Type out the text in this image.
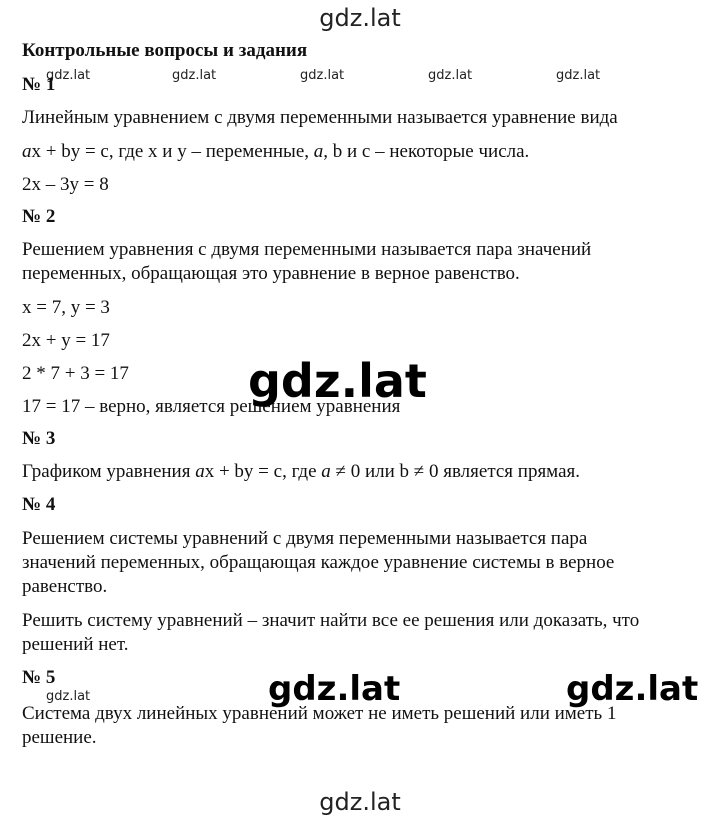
gdz.lat
gdz.lat	gdz.lat	gdz.lat	gdz.lat	gdz.lat
Контрольные вопросы и задания
№ 1
Линейным уравнением с двумя переменными называется уравнение вида
ax + by = c, где x и y – переменные, a, b и c – некоторые числа.
2x – 3y = 8
№ 2
Решением уравнения с двумя переменными называется пара значений
переменных, обращающая это уравнение в верное равенство.
x = 7, y = 3
2x + y = 17
2 * 7 + 3 = 17
17 = 17 – верно, является решением уравнения
gdz.lat
№ 3
Графиком уравнения ax + by = c, где a ≠ 0 или b ≠ 0 является прямая.
№ 4
Решением системы уравнений с двумя переменными называется пара
значений переменных, обращающая каждое уравнение системы в верное
равенство.
Решить систему уравнений – значит найти все ее решения или доказать, что
решений нет.
№ 5
gdz.lat	gdz.lat	gdz.lat
Система двух линейных уравнений может не иметь решений или иметь 1
решение.
gdz.lat
